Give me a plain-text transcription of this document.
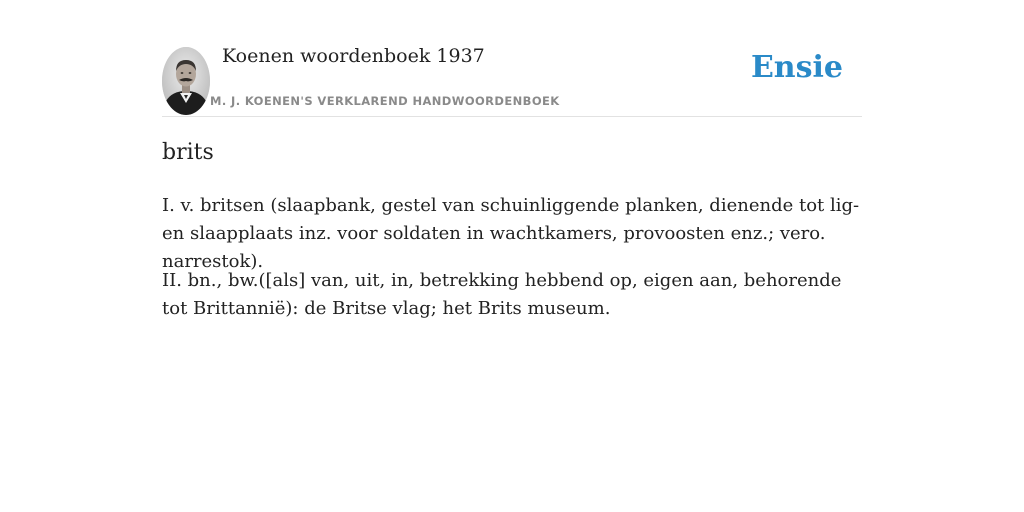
Koenen woordenboek 1937
M. J. KOENEN'S VERKLAREND HANDWOORDENBOEK
Ensie
brits

I. v. britsen (slaapbank, gestel van schuinliggende planken, dienende tot lig- en slaapplaats inz. voor soldaten in wachtkamers, provoosten enz.; vero. narrestok).

II. bn., bw.([als] van, uit, in, betrekking hebbend op, eigen aan, behorende tot Brittannië): de Britse vlag; het Brits museum.
